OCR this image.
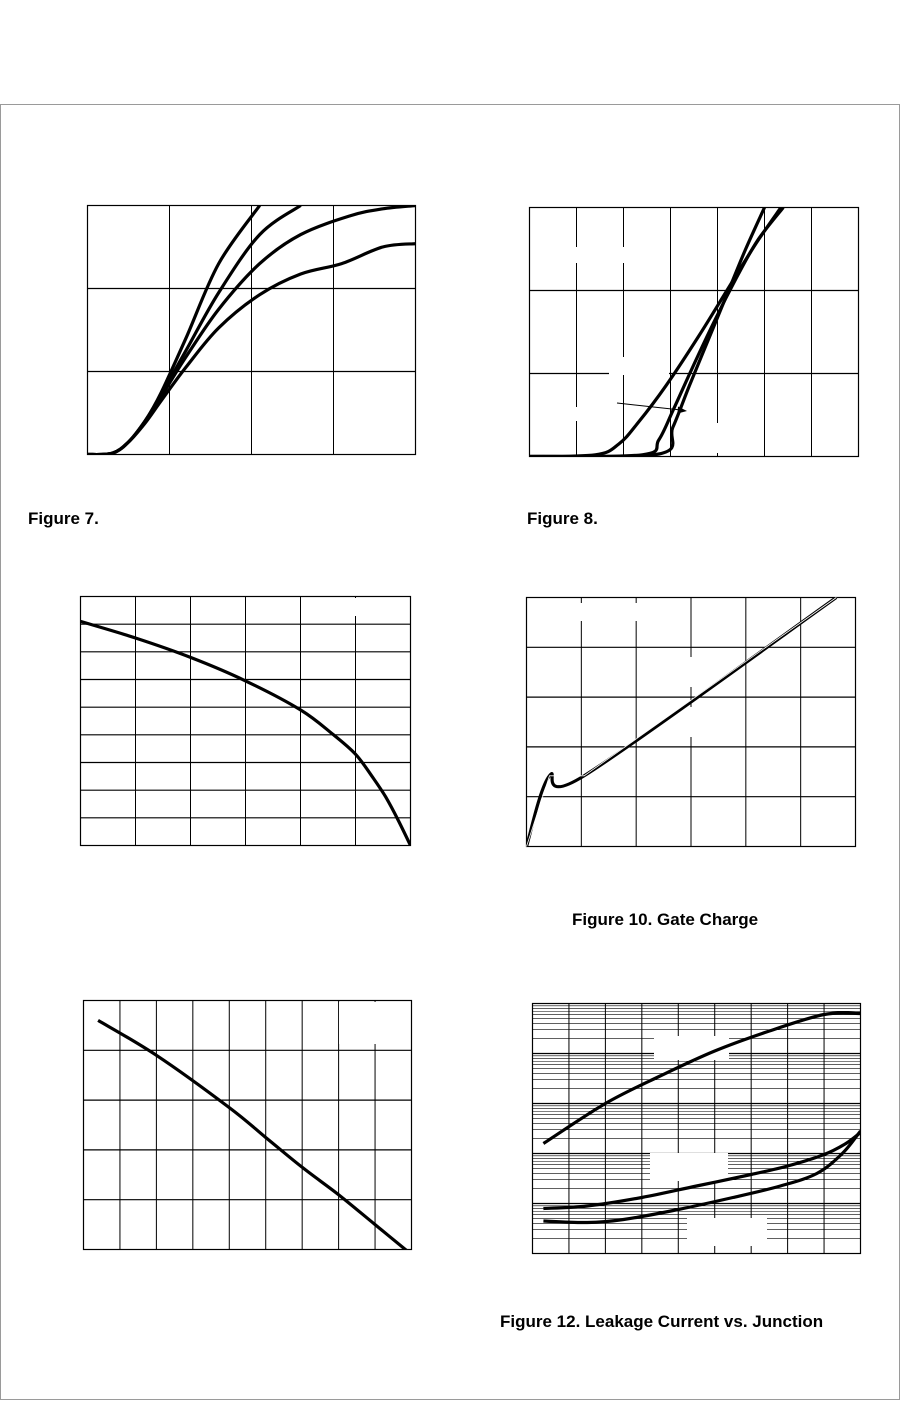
Figure 7.	Figure 8.
Figure 10. Gate Charge
Figure 12. Leakage Current vs. Junction
